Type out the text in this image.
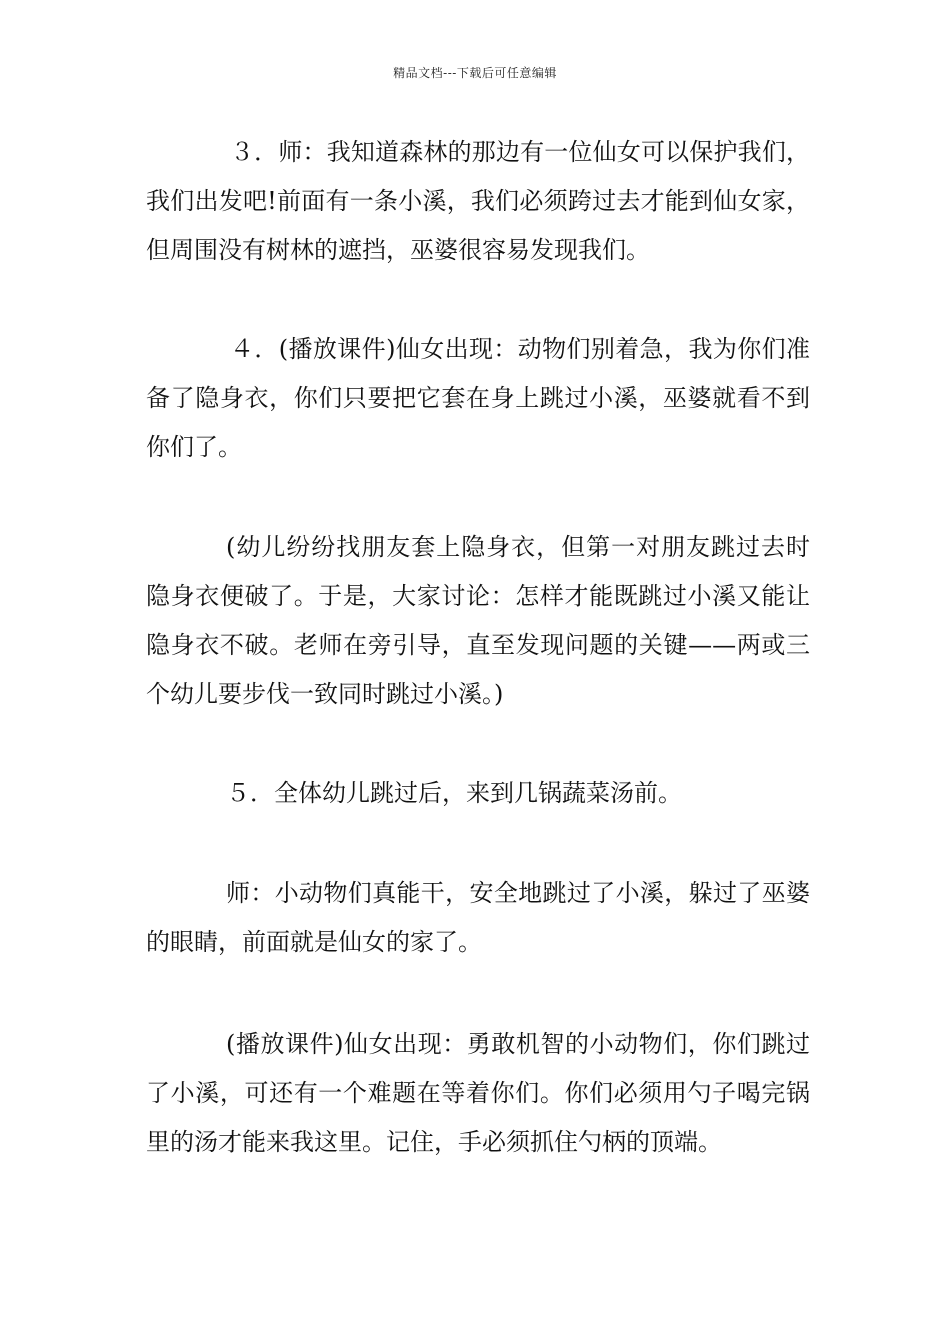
精品文档---下载后可任意编辑

３．师：我知道森林的那边有一位仙女可以保护我们，我们出发吧!前面有一条小溪，我们必须跨过去才能到仙女家，但周围没有树林的遮挡，巫婆很容易发现我们。

４．(播放课件)仙女出现：动物们别着急，我为你们准备了隐身衣，你们只要把它套在身上跳过小溪，巫婆就看不到你们了。

(幼儿纷纷找朋友套上隐身衣，但第一对朋友跳过去时隐身衣便破了。于是，大家讨论：怎样才能既跳过小溪又能让隐身衣不破。老师在旁引导，直至发现问题的关键——两或三个幼儿要步伐一致同时跳过小溪。)

５．全体幼儿跳过后，来到几锅蔬菜汤前。

师：小动物们真能干，安全地跳过了小溪，躲过了巫婆的眼睛，前面就是仙女的家了。

(播放课件)仙女出现：勇敢机智的小动物们，你们跳过了小溪，可还有一个难题在等着你们。你们必须用勺子喝完锅里的汤才能来我这里。记住，手必须抓住勺柄的顶端。
